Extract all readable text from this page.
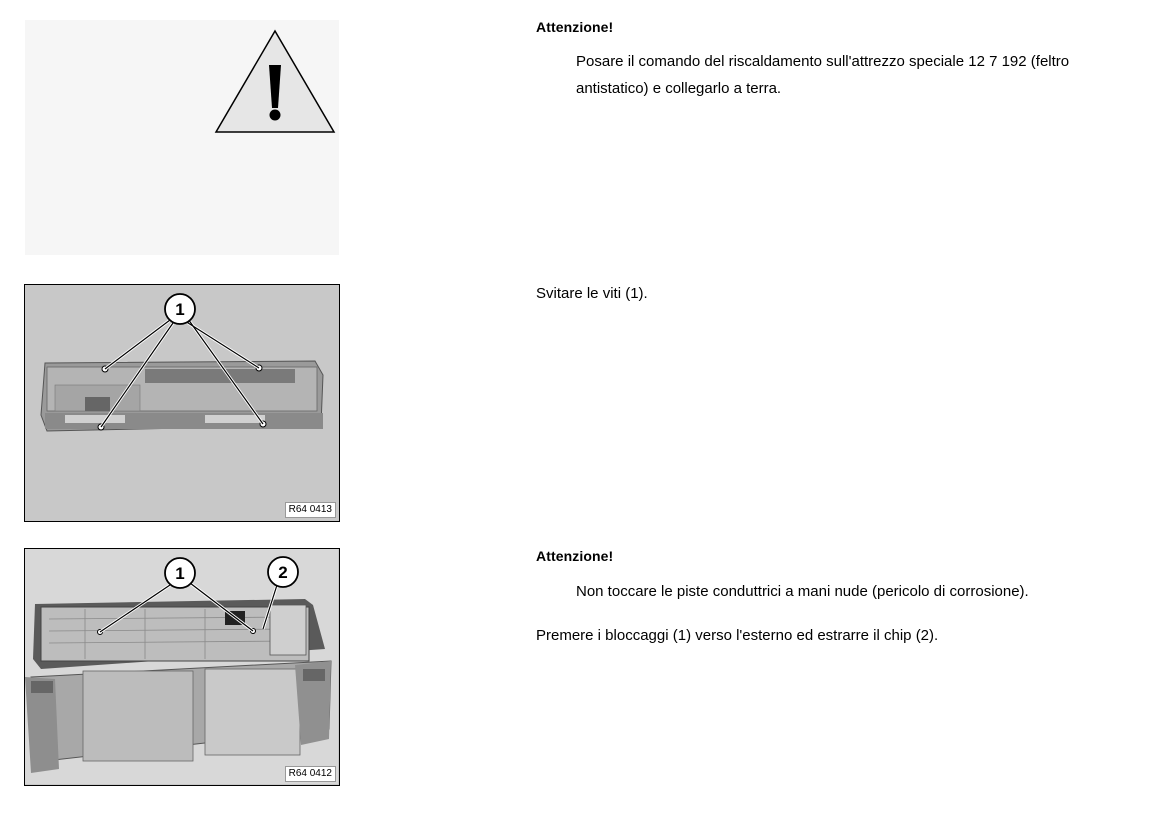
Attenzione!
Posare il comando del riscaldamento sull'attrezzo speciale 12 7 192 (feltro
antistatico) e collegarlo a terra.
1
R64 0413
Svitare le viti (1).
1	2
R64 0412
Attenzione!
Non toccare le piste conduttrici a mani nude (pericolo di corrosione).
Premere i bloccaggi (1) verso l'esterno ed estrarre il chip (2).
